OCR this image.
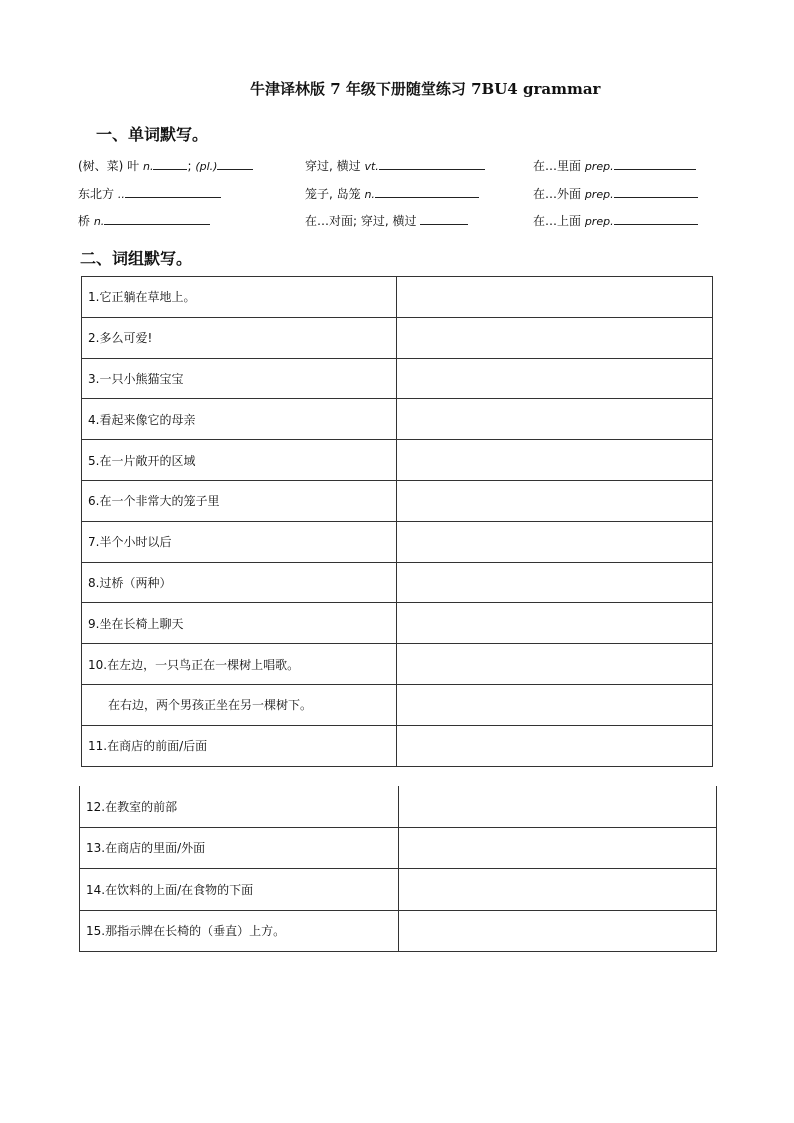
牛津译林版 7 年级下册随堂练习 7BU4 grammar
一、单词默写。
(树、菜) 叶 n.	; (pl.)	穿过, 横过 vt.	在…里面 prep.
东北方 ..	笼子, 岛笼 n.	在…外面 prep.
桥 n.	在…对面; 穿过, 横过	在…上面 prep.
二、词组默写。
1.它正躺在草地上。	
2.多么可爱!	
3.一只小熊猫宝宝	
4.看起来像它的母亲	
5.在一片敞开的区域	
6.在一个非常大的笼子里	
7.半个小时以后	
8.过桥（两种）	
9.坐在长椅上聊天	
10.在左边，一只鸟正在一棵树上唱歌。	
在右边，两个男孩正坐在另一棵树下。	
11.在商店的前面/后面	
12.在教室的前部	
13.在商店的里面/外面	
14.在饮料的上面/在食物的下面	
15.那指示牌在长椅的（垂直）上方。	
